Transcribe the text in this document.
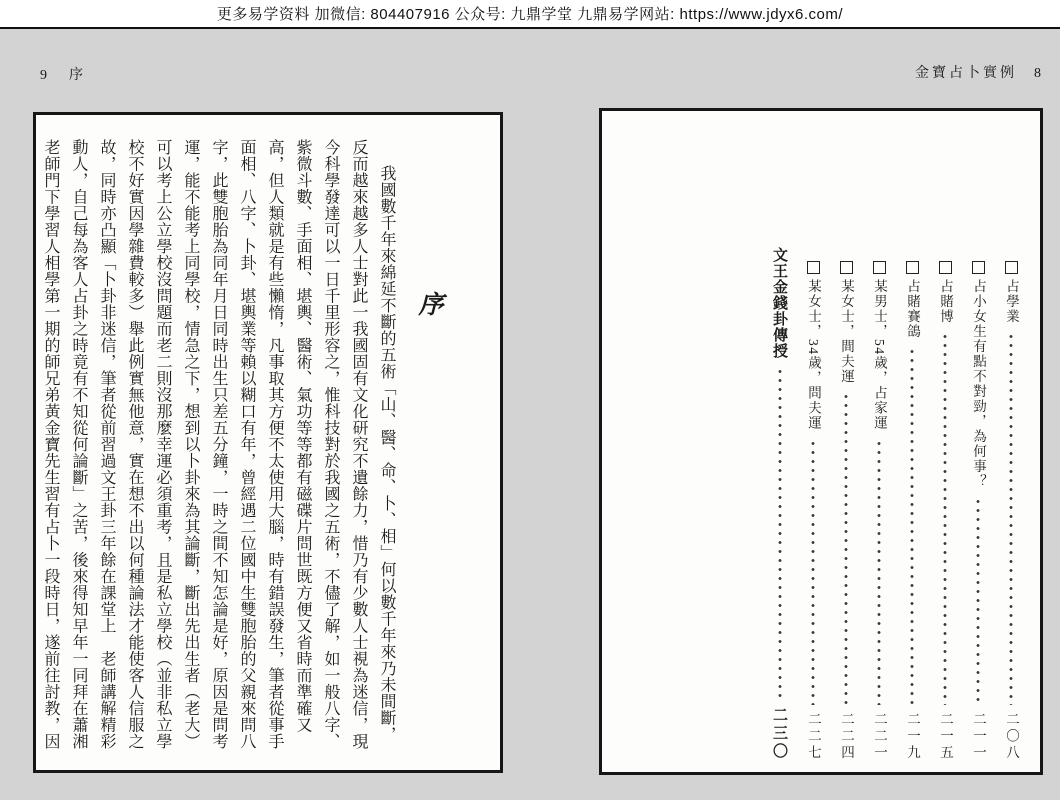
更多易学资料 加微信: 804407916 公众号: 九鼎学堂 九鼎易学网站: https://www.jdyx6.com/
9　序	金寶占卜實例　8
序
我國數千年來綿延不斷的五術「山、醫、命、卜、相」何以數千年來乃未間斷，
反而越來越多人士對此一我國固有文化研究不遺餘力，惜乃有少數人士視為迷信，現
今科學發達可以一日千里形容之，惟科技對於我國之五術，不儘了解，如一般八字、
紫微斗數、手面相、堪輿、醫術、氣功等等都有磁碟片問世既方便又省時而準確又
高，但人類就是有些懶惰，凡事取其方便不太使用大腦，時有錯誤發生，筆者從事手
面相、八字、卜卦、堪輿業等賴以糊口有年，曾經遇二位國中生雙胞胎的父親來問八
字，此雙胞胎為同年月日同時出生只差五分鐘，一時之間不知怎論是好，原因是問考
運，能不能考上同學校，情急之下，想到以卜卦來為其論斷，斷出先出生者（老大）
可以考上公立學校沒問題而老二則沒那麼幸運必須重考，且是私立學校（並非私立學
校不好實因學雜費較多）舉此例實無他意，實在想不出以何種論法才能使客人信服之
故，同時亦凸顯「卜卦非迷信，筆者從前習過文王卦三年餘在課堂上　老師講解精彩
動人，自己每為客人占卦之時竟有不知從何論斷」之苦，後來得知早年一同拜在蕭湘
老師門下學習人相學第一期的師兄弟黃金寶先生習有占卜一段時日，遂前往討教，因	占學業
二〇八
占小女生有點不對勁，為何事？
二一一
占賭博
二一五
占賭賽鴿
二一九
某男士，54歲，占家運
二二一
某女士，間夫運
二二四
某女士，34歲，問夫運
二二七
文王金錢卦傳授
二三〇
